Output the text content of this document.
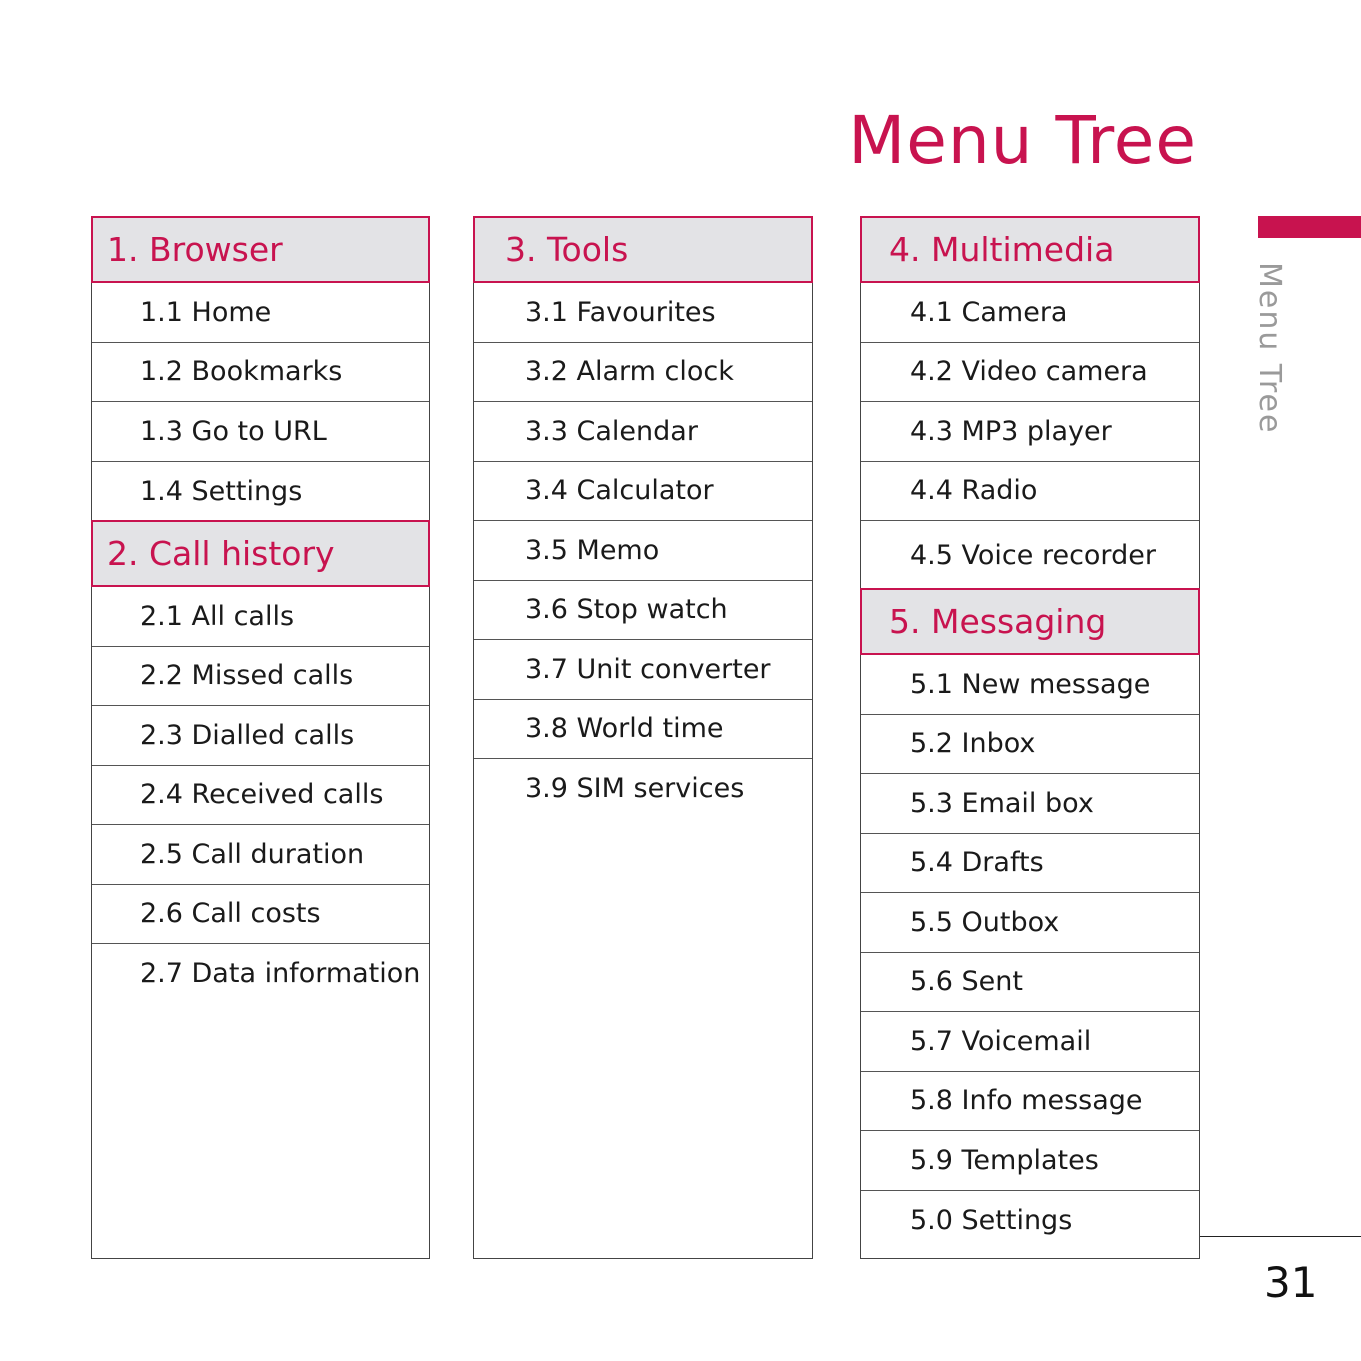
Menu Tree
1. Browser
1.1 Home
1.2 Bookmarks
1.3 Go to URL
1.4 Settings
2. Call history
2.1 All calls
2.2 Missed calls
2.3 Dialled calls
2.4 Received calls
2.5 Call duration
2.6 Call costs
2.7 Data information
3. Tools
3.1 Favourites
3.2 Alarm clock
3.3 Calendar
3.4 Calculator
3.5 Memo
3.6 Stop watch
3.7 Unit converter
3.8 World time
3.9 SIM services
4. Multimedia
4.1 Camera
4.2 Video camera
4.3 MP3 player
4.4 Radio
4.5 Voice recorder
5. Messaging
5.1 New message
5.2 Inbox
5.3 Email box
5.4 Drafts
5.5 Outbox
5.6 Sent
5.7 Voicemail
5.8 Info message
5.9 Templates
5.0 Settings
Menu Tree
31
